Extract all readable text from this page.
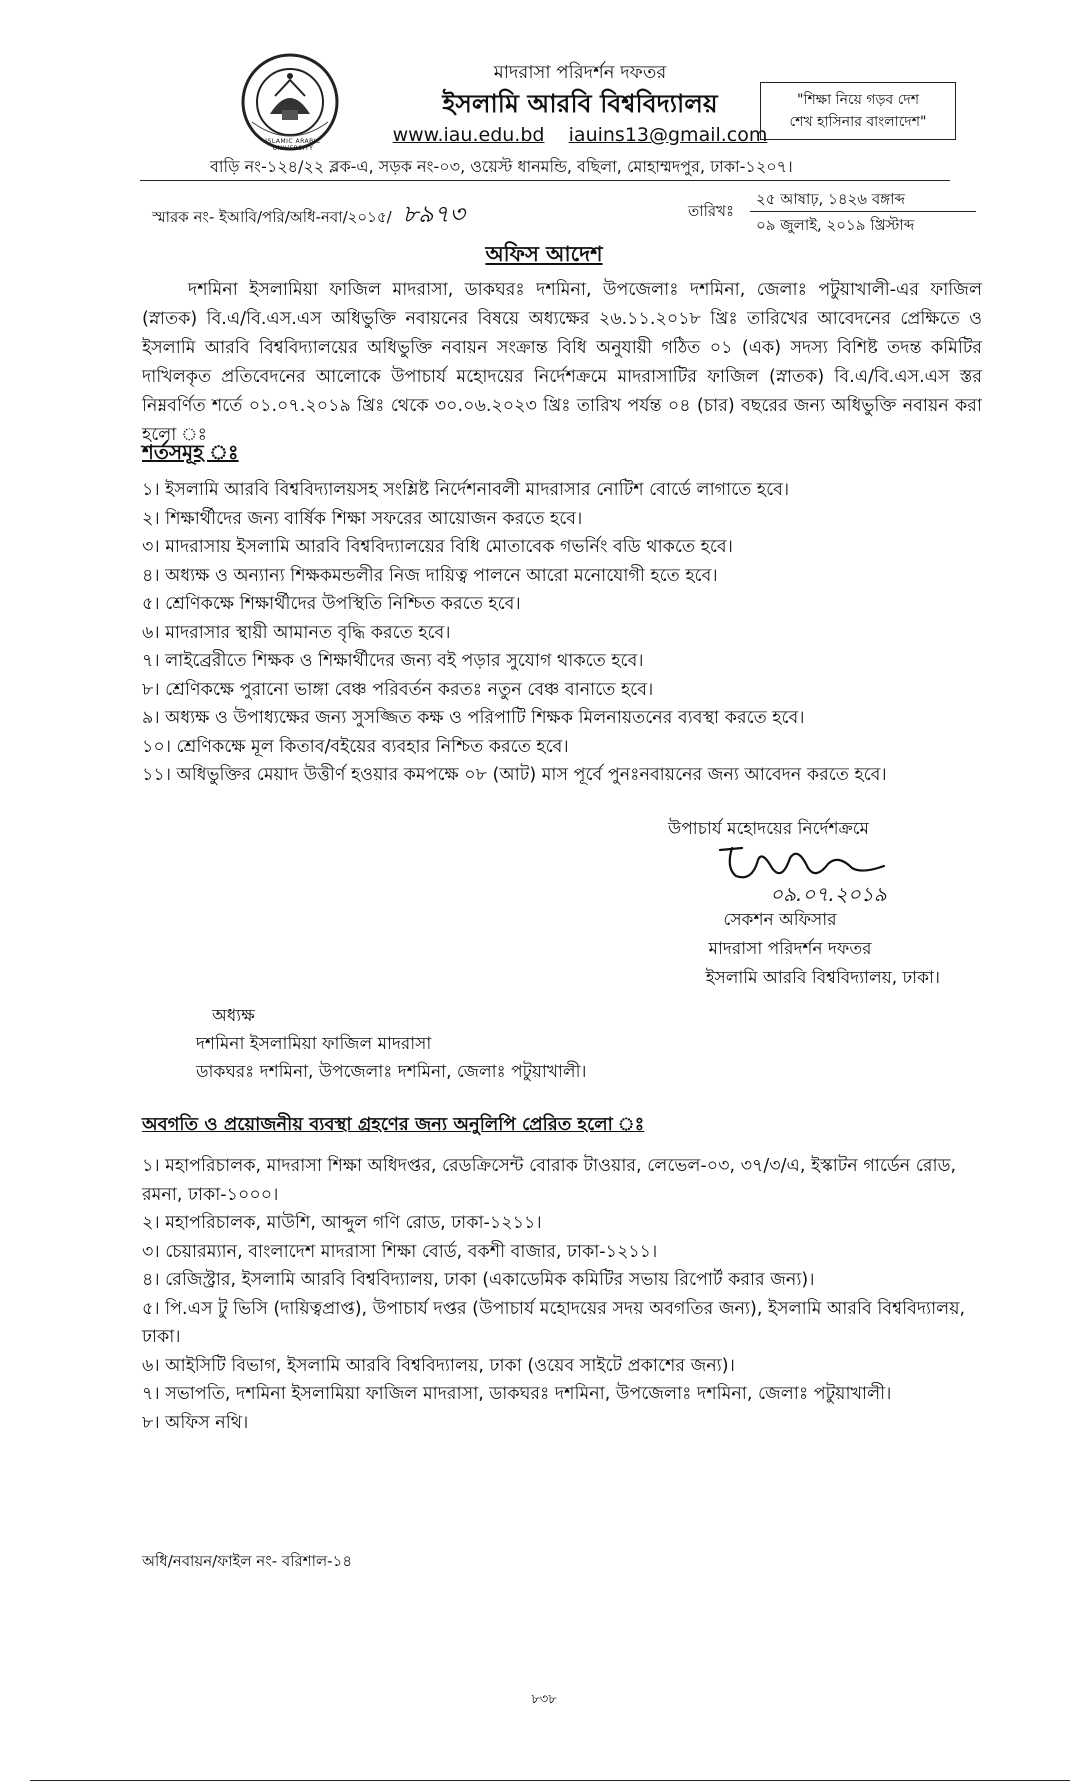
ISLAMIC ARABIC UNIVERSITY
মাদরাসা পরিদর্শন দফতর
ইসলামি আরবি বিশ্ববিদ্যালয়
www.iau.edu.bd iauins13@gmail.com
বাড়ি নং-১২৪/২২ ব্লক-এ, সড়ক নং-০৩, ওয়েস্ট ধানমন্ডি, বছিলা, মোহাম্মদপুর, ঢাকা-১২০৭।
"শিক্ষা নিয়ে গড়ব দেশ
শেখ হাসিনার বাংলাদেশ"
স্মারক নং- ইআবি/পরি/অধি-নবা/২০১৫/ ৮৯৭৩	তারিখঃ
২৫ আষাঢ়, ১৪২৬ বঙ্গাব্দ
০৯ জুলাই, ২০১৯ খ্রিস্টাব্দ
অফিস আদেশ
দশমিনা ইসলামিয়া ফাজিল মাদরাসা, ডাকঘরঃ দশমিনা, উপজেলাঃ দশমিনা, জেলাঃ পটুয়াখালী-এর ফাজিল (স্নাতক) বি.এ/বি.এস.এস অধিভুক্তি নবায়নের বিষয়ে অধ্যক্ষের ২৬.১১.২০১৮ খ্রিঃ তারিখের আবেদনের প্রেক্ষিতে ও ইসলামি আরবি বিশ্ববিদ্যালয়ের অধিভুক্তি নবায়ন সংক্রান্ত বিধি অনুযায়ী গঠিত ০১ (এক) সদস্য বিশিষ্ট তদন্ত কমিটির দাখিলকৃত প্রতিবেদনের আলোকে উপাচার্য মহোদয়ের নির্দেশক্রমে মাদরাসাটির ফাজিল (স্নাতক) বি.এ/বি.এস.এস স্তর নিম্নবর্ণিত শর্তে ০১.০৭.২০১৯ খ্রিঃ থেকে ৩০.০৬.২০২৩ খ্রিঃ তারিখ পর্যন্ত ০৪ (চার) বছরের জন্য অধিভুক্তি নবায়ন করা হলো ঃ
শর্তসমূহ ঃ
১। ইসলামি আরবি বিশ্ববিদ্যালয়সহ সংশ্লিষ্ট নির্দেশনাবলী মাদরাসার নোটিশ বোর্ডে লাগাতে হবে।
২। শিক্ষার্থীদের জন্য বার্ষিক শিক্ষা সফরের আয়োজন করতে হবে।
৩। মাদরাসায় ইসলামি আরবি বিশ্ববিদ্যালয়ের বিধি মোতাবেক গভর্নিং বডি থাকতে হবে।
৪। অধ্যক্ষ ও অন্যান্য শিক্ষকমন্ডলীর নিজ দায়িত্ব পালনে আরো মনোযোগী হতে হবে।
৫। শ্রেণিকক্ষে শিক্ষার্থীদের উপস্থিতি নিশ্চিত করতে হবে।
৬। মাদরাসার স্থায়ী আমানত বৃদ্ধি করতে হবে।
৭। লাইব্রেরীতে শিক্ষক ও শিক্ষার্থীদের জন্য বই পড়ার সুযোগ থাকতে হবে।
৮। শ্রেণিকক্ষে পুরানো ভাঙ্গা বেঞ্চ পরিবর্তন করতঃ নতুন বেঞ্চ বানাতে হবে।
৯। অধ্যক্ষ ও উপাধ্যক্ষের জন্য সুসজ্জিত কক্ষ ও পরিপাটি শিক্ষক মিলনায়তনের ব্যবস্থা করতে হবে।
১০। শ্রেণিকক্ষে মূল কিতাব/বইয়ের ব্যবহার নিশ্চিত করতে হবে।
১১। অধিভুক্তির মেয়াদ উত্তীর্ণ হওয়ার কমপক্ষে ০৮ (আট) মাস পূর্বে পুনঃনবায়নের জন্য আবেদন করতে হবে।
উপাচার্য মহোদয়ের নির্দেশক্রমে
০৯.০৭.২০১৯
সেকশন অফিসার
মাদরাসা পরিদর্শন দফতর
ইসলামি আরবি বিশ্ববিদ্যালয়, ঢাকা।
অধ্যক্ষ
দশমিনা ইসলামিয়া ফাজিল মাদরাসা
ডাকঘরঃ দশমিনা, উপজেলাঃ দশমিনা, জেলাঃ পটুয়াখালী।
অবগতি ও প্রয়োজনীয় ব্যবস্থা গ্রহণের জন্য অনুলিপি প্রেরিত হলো ঃ
১। মহাপরিচালক, মাদরাসা শিক্ষা অধিদপ্তর, রেডক্রিসেন্ট বোরাক টাওয়ার, লেভেল-০৩, ৩৭/৩/এ, ইস্কাটন গার্ডেন রোড, রমনা, ঢাকা-১০০০।
২। মহাপরিচালক, মাউশি, আব্দুল গণি রোড, ঢাকা-১২১১।
৩। চেয়ারম্যান, বাংলাদেশ মাদরাসা শিক্ষা বোর্ড, বকশী বাজার, ঢাকা-১২১১।
৪। রেজিস্ট্রার, ইসলামি আরবি বিশ্ববিদ্যালয়, ঢাকা (একাডেমিক কমিটির সভায় রিপোর্ট করার জন্য)।
৫। পি.এস টু ভিসি (দায়িত্বপ্রাপ্ত), উপাচার্য দপ্তর (উপাচার্য মহোদয়ের সদয় অবগতির জন্য), ইসলামি আরবি বিশ্ববিদ্যালয়, ঢাকা।
৬। আইসিটি বিভাগ, ইসলামি আরবি বিশ্ববিদ্যালয়, ঢাকা (ওয়েব সাইটে প্রকাশের জন্য)।
৭। সভাপতি, দশমিনা ইসলামিয়া ফাজিল মাদরাসা, ডাকঘরঃ দশমিনা, উপজেলাঃ দশমিনা, জেলাঃ পটুয়াখালী।
৮। অফিস নথি।
অধি/নবায়ন/ফাইল নং- বরিশাল-১৪
৮৩৮
